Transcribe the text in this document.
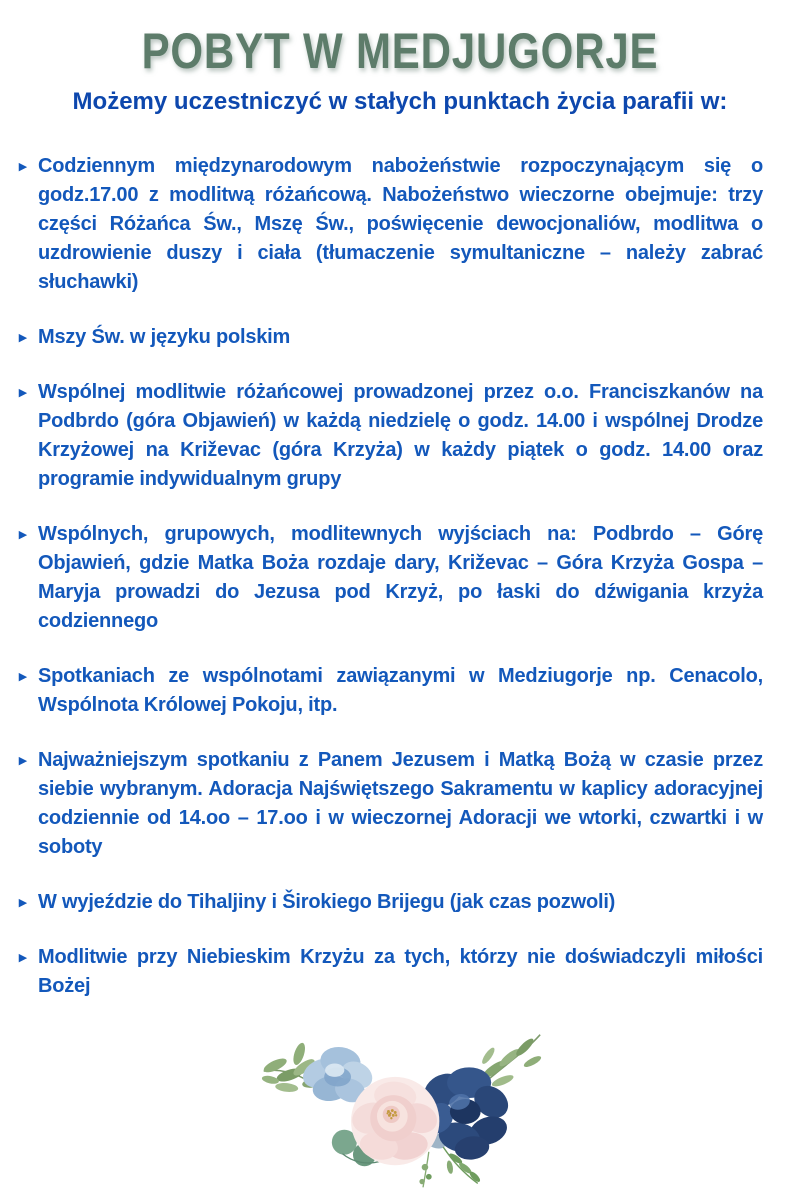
POBYT W MEDJUGORJE
Możemy uczestniczyć w stałych punktach życia parafii w:
▸ Codziennym międzynarodowym nabożeństwie rozpoczynającym się o godz.17.00 z modlitwą różańcową. Nabożeństwo wieczorne obejmuje: trzy części Różańca Św., Mszę Św., poświęcenie dewocjonaliów, modlitwa o uzdrowienie duszy i ciała (tłumaczenie symultaniczne – należy zabrać słuchawki)
▸ Mszy Św. w języku polskim
▸ Wspólnej modlitwie różańcowej prowadzonej przez o.o. Franciszkanów na Podbrdo (góra Objawień) w każdą niedzielę o godz. 14.00 i wspólnej Drodze Krzyżowej na Križevac (góra Krzyża) w każdy piątek o godz. 14.00 oraz programie indywidualnym grupy
▸ Wspólnych, grupowych, modlitewnych wyjściach na: Podbrdo – Górę Objawień, gdzie Matka Boża rozdaje dary, Križevac – Góra Krzyża Gospa – Maryja prowadzi do Jezusa pod Krzyż, po łaski do dźwigania krzyża codziennego
▸ Spotkaniach ze wspólnotami zawiązanymi w Medziugorje np. Cenacolo, Wspólnota Królowej Pokoju, itp.
▸ Najważniejszym spotkaniu z Panem Jezusem i Matką Bożą w czasie przez siebie wybranym. Adoracja Najświętszego Sakramentu w kaplicy adoracyjnej codziennie od 14.oo – 17.oo i w wieczornej Adoracji we wtorki, czwartki i w soboty
▸ W wyjeździe do Tihaljiny i Širokiego Brijegu (jak czas pozwoli)
▸ Modlitwie przy Niebieskim Krzyżu za tych, którzy nie doświadczyli miłości Bożej
